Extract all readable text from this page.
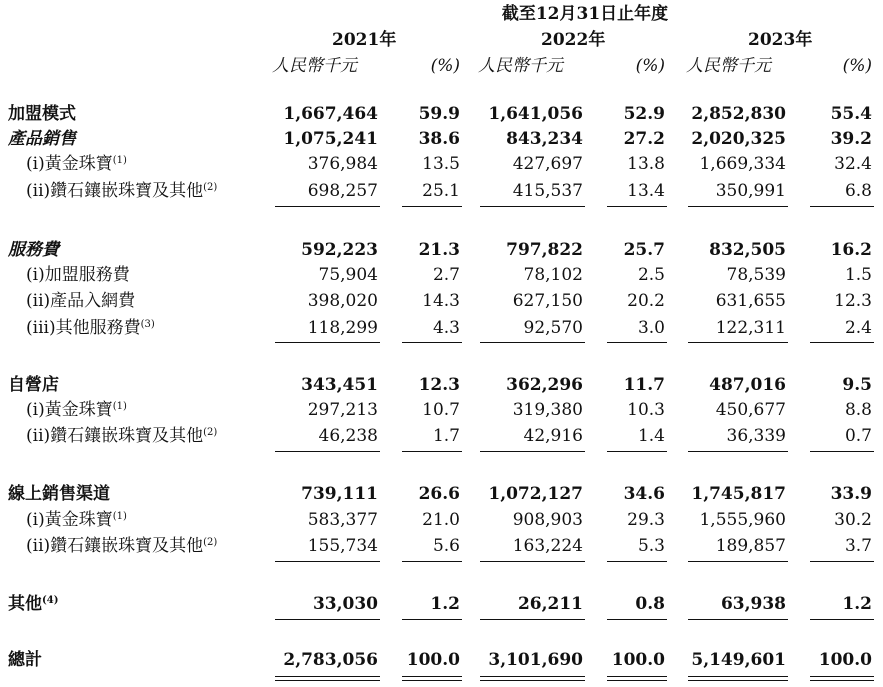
截至12月31日止年度
2021年	2022年	2023年
人民幣千元	(%) 人民幣千元	(%) 人民幣千元	(%)
加盟模式	1,667,464	59.9	1,641,056	52.9	2,852,830	55.4
產品銷售	1,075,241	38.6	843,234	27.2	2,020,325	39.2
(i)黃金珠寶$^{(1)}$	376,984	13.5	427,697	13.8	1,669,334	32.4
(ii)鑽石鑲嵌珠寶及其他$^{(2)}$	698,257	25.1	415,537	13.4	350,991	6.8
服務費	592,223	21.3	797,822	25.7	832,505	16.2
(i)加盟服務費	75,904	2.7	78,102	2.5	78,539	1.5
(ii)產品入網費	398,020	14.3	627,150	20.2	631,655	12.3
(iii)其他服務費$^{(3)}$	118,299	4.3	92,570	3.0	122,311	2.4
自營店	343,451	12.3	362,296	11.7	487,016	9.5
(i)黃金珠寶$^{(1)}$	297,213	10.7	319,380	10.3	450,677	8.8
(ii)鑽石鑲嵌珠寶及其他$^{(2)}$	46,238	1.7	42,916	1.4	36,339	0.7
線上銷售渠道	739,111	26.6	1,072,127	34.6	1,745,817	33.9
(i)黃金珠寶$^{(1)}$	583,377	21.0	908,903	29.3	1,555,960	30.2
(ii)鑽石鑲嵌珠寶及其他$^{(2)}$	155,734	5.6	163,224	5.3	189,857	3.7
其他$^{(4)}$	33,030	1.2	26,211	0.8	63,938	1.2
總計	2,783,056	100.0	3,101,690	100.0	5,149,601	100.0
